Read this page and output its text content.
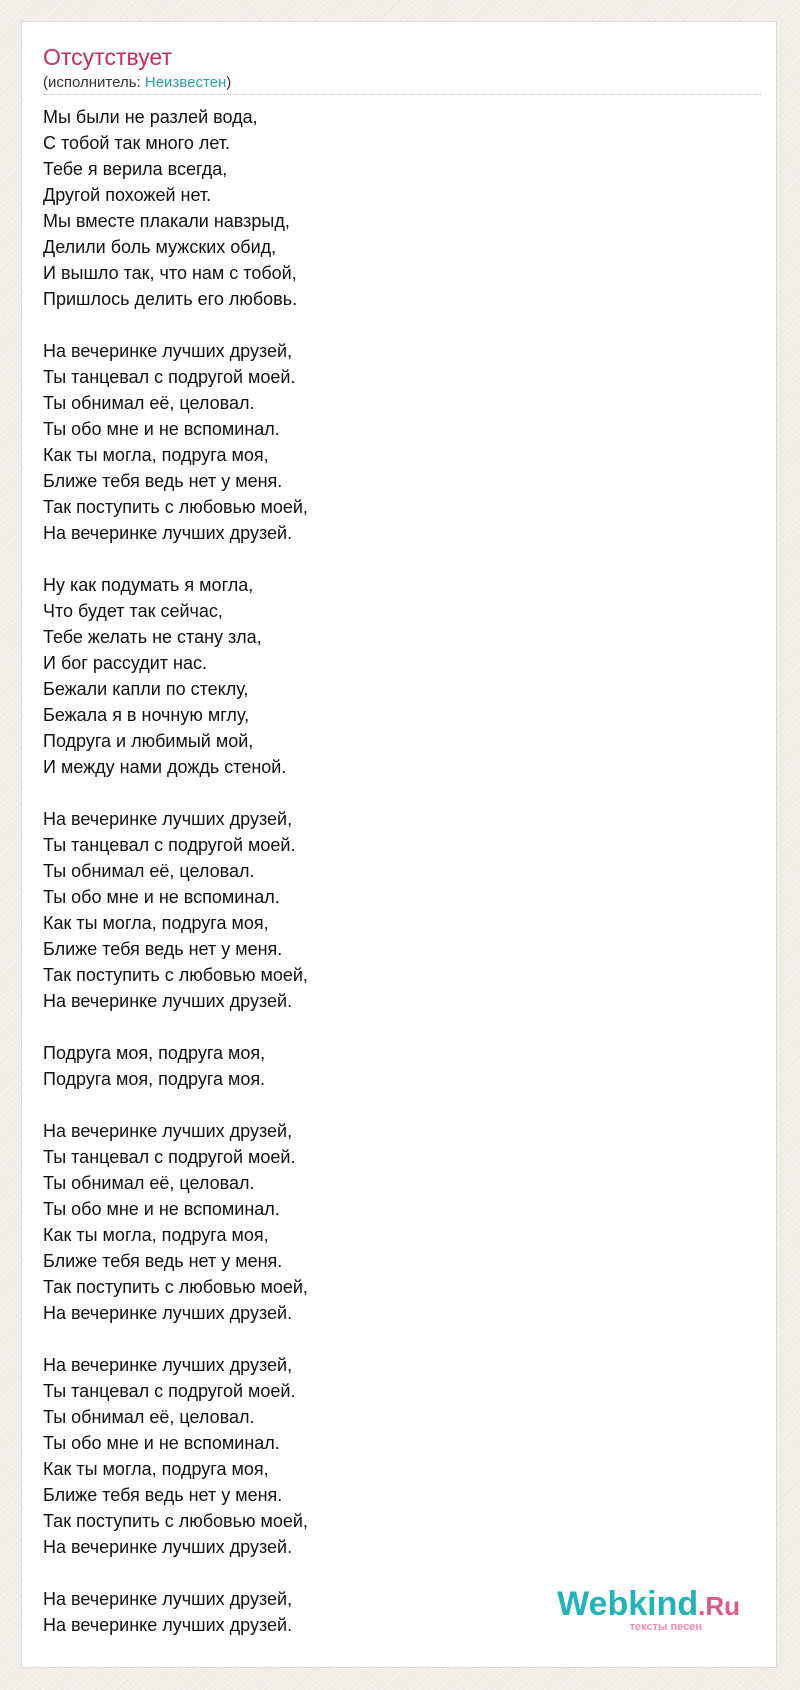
Отсутствует
(исполнитель: Неизвестен)
Мы были не разлей вода,
С тобой так много лет.
Тебе я верила всегда,
Другой похожей нет.
Мы вместе плакали навзрыд,
Делили боль мужских обид,
И вышло так, что нам с тобой,
Пришлось делить его любовь.
На вечеринке лучших друзей,
Ты танцевал с подругой моей.
Ты обнимал её, целовал.
Ты обо мне и не вспоминал.
Как ты могла, подруга моя,
Ближе тебя ведь нет у меня.
Так поступить с любовью моей,
На вечеринке лучших друзей.
Ну как подумать я могла,
Что будет так сейчас,
Тебе желать не стану зла,
И бог рассудит нас.
Бежали капли по стеклу,
Бежала я в ночную мглу,
Подруга и любимый мой,
И между нами дождь стеной.
На вечеринке лучших друзей,
Ты танцевал с подругой моей.
Ты обнимал её, целовал.
Ты обо мне и не вспоминал.
Как ты могла, подруга моя,
Ближе тебя ведь нет у меня.
Так поступить с любовью моей,
На вечеринке лучших друзей.
Подруга моя, подруга моя,
Подруга моя, подруга моя.
На вечеринке лучших друзей,
Ты танцевал с подругой моей.
Ты обнимал её, целовал.
Ты обо мне и не вспоминал.
Как ты могла, подруга моя,
Ближе тебя ведь нет у меня.
Так поступить с любовью моей,
На вечеринке лучших друзей.
На вечеринке лучших друзей,
Ты танцевал с подругой моей.
Ты обнимал её, целовал.
Ты обо мне и не вспоминал.
Как ты могла, подруга моя,
Ближе тебя ведь нет у меня.
Так поступить с любовью моей,
На вечеринке лучших друзей.
На вечеринке лучших друзей,
На вечеринке лучших друзей.
Webkind.Ru
тексты песен
